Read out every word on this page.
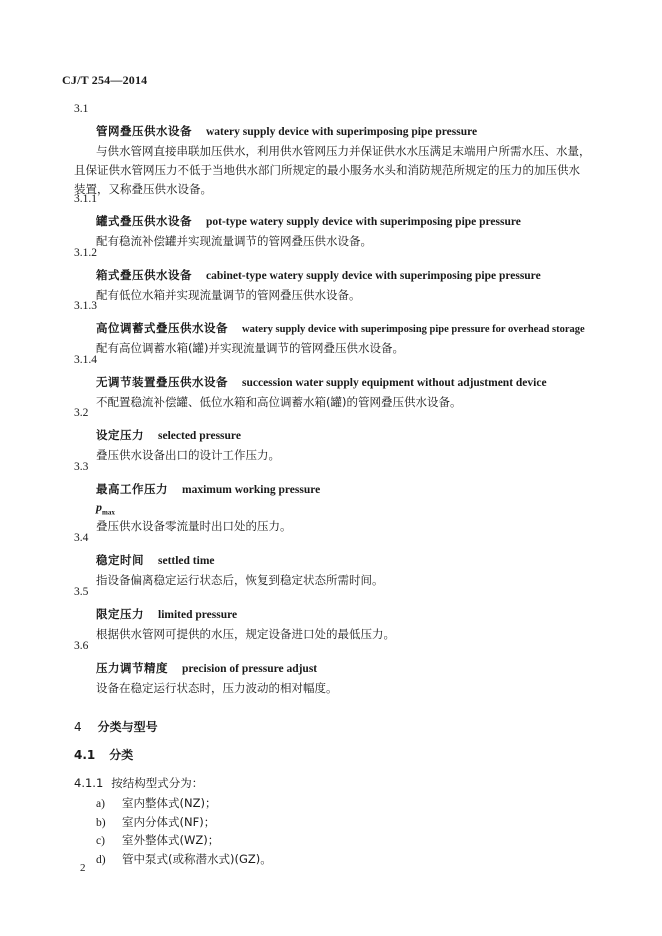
CJ/T 254—2014
3.1
管网叠压供水设备 watery supply device with superimposing pipe pressure
与供水管网直接串联加压供水，利用供水管网压力并保证供水水压满足末端用户所需水压、水量，
且保证供水管网压力不低于当地供水部门所规定的最小服务水头和消防规范所规定的压力的加压供水
装置，又称叠压供水设备。
3.1.1
罐式叠压供水设备 pot-type watery supply device with superimposing pipe pressure
配有稳流补偿罐并实现流量调节的管网叠压供水设备。
3.1.2
箱式叠压供水设备 cabinet-type watery supply device with superimposing pipe pressure
配有低位水箱并实现流量调节的管网叠压供水设备。
3.1.3
高位调蓄式叠压供水设备 watery supply device with superimposing pipe pressure for overhead storage
配有高位调蓄水箱(罐)并实现流量调节的管网叠压供水设备。
3.1.4
无调节装置叠压供水设备 succession water supply equipment without adjustment device
不配置稳流补偿罐、低位水箱和高位调蓄水箱(罐)的管网叠压供水设备。
3.2
设定压力 selected pressure
叠压供水设备出口的设计工作压力。
3.3
最高工作压力 maximum working pressure
$p_{max}$
叠压供水设备零流量时出口处的压力。
3.4
稳定时间 settled time
指设备偏离稳定运行状态后，恢复到稳定状态所需时间。
3.5
限定压力 limited pressure
根据供水管网可提供的水压，规定设备进口处的最低压力。
3.6
压力调节精度 precision of pressure adjust
设备在稳定运行状态时，压力波动的相对幅度。
4 分类与型号
4.1 分类
4.1.1 按结构型式分为：
a) 室内整体式(NZ)；
b) 室内分体式(NF)；
c) 室外整体式(WZ)；
d) 管中泵式(或称潜水式)(GZ)。
2
